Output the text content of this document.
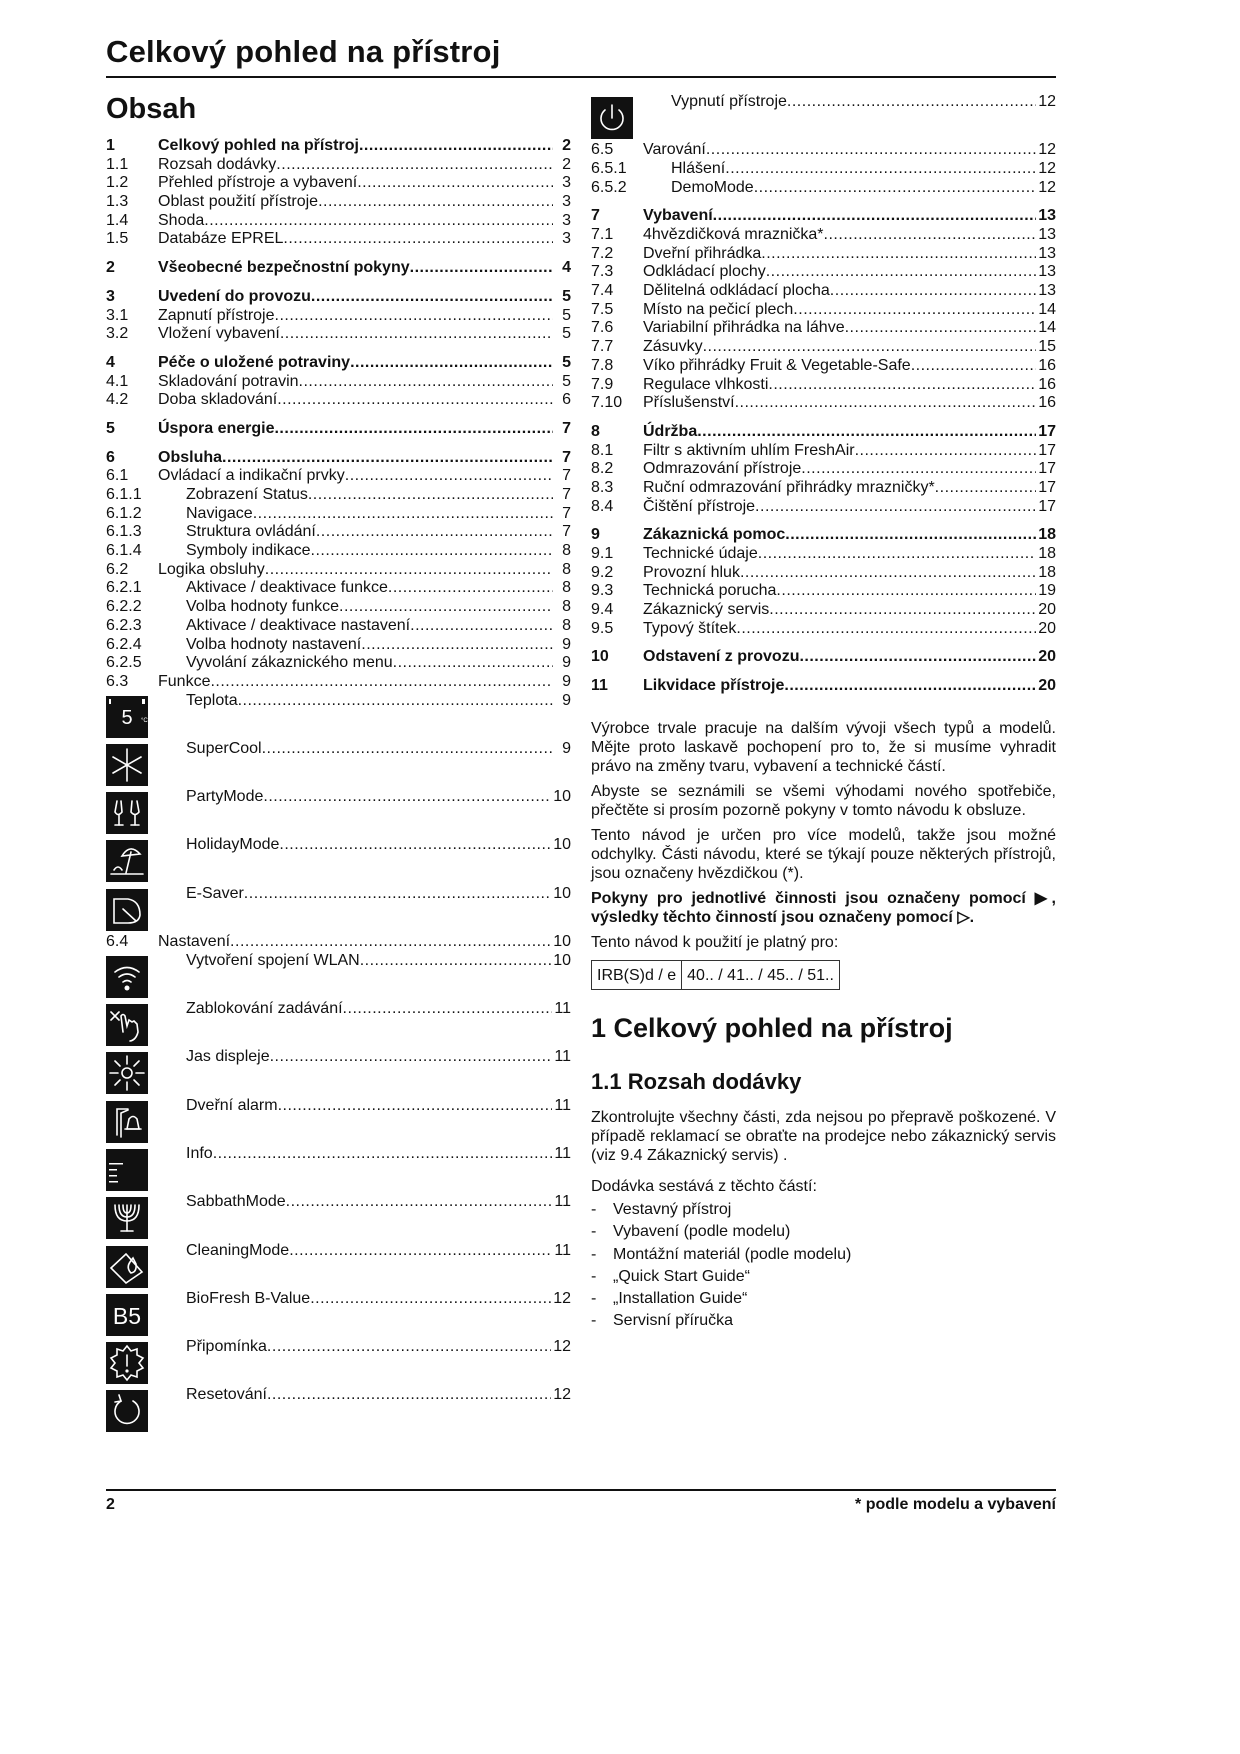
Celkový pohled na přístroj
Obsah
1	Celkový pohled na přístroj .....	2
1.1	Rozsah dodávky .....	2
1.2	Přehled přístroje a vybavení .....	3
1.3	Oblast použití přístroje .....	3
1.4	Shoda .....	3
1.5	Databáze EPREL .....	3
2	Všeobecné bezpečnostní pokyny .....	4
3	Uvedení do provozu .....	5
3.1	Zapnutí přístroje .....	5
3.2	Vložení vybavení .....	5
4	Péče o uložené potraviny .....	5
4.1	Skladování potravin .....	5
4.2	Doba skladování .....	6
5	Úspora energie .....	7
6	Obsluha .....	7
6.1	Ovládací a indikační prvky .....	7
6.1.1	Zobrazení Status .....	7
6.1.2	Navigace .....	7
6.1.3	Struktura ovládání .....	7
6.1.4	Symboly indikace .....	8
6.2	Logika obsluhy .....	8
6.2.1	Aktivace / deaktivace funkce .....	8
6.2.2	Volba hodnoty funkce .....	8
6.2.3	Aktivace / deaktivace nastavení .....	8
6.2.4	Volba hodnoty nastavení .....	9
6.2.5	Vyvolání zákaznického menu .....	9
6.3	Funkce .....	9
5 °C
Teplota .....	9
SuperCool .....	9
PartyMode .....	10
HolidayMode .....	10
E-Saver .....	10
6.4	Nastavení .....	10
Vytvoření spojení WLAN .....	10
Zablokování zadávání .....	11
Jas displeje .....	11
Dveřní alarm .....	11
Info .....	11
SabbathMode .....	11
CleaningMode .....	11
B5
BioFresh B-Value .....	12
Připomínka .....	12
Resetování .....	12
Vypnutí přístroje .....	12
6.5	Varování .....	12
6.5.1	Hlášení .....	12
6.5.2	DemoMode .....	12
7	Vybavení .....	13
7.1	4hvězdičková mraznička* .....	13
7.2	Dveřní přihrádka .....	13
7.3	Odkládací plochy .....	13
7.4	Dělitelná odkládací plocha .....	13
7.5	Místo na pečicí plech .....	14
7.6	Variabilní přihrádka na láhve .....	14
7.7	Zásuvky .....	15
7.8	Víko přihrádky Fruit & Vegetable-Safe .....	16
7.9	Regulace vlhkosti .....	16
7.10	Příslušenství .....	16
8	Údržba .....	17
8.1	Filtr s aktivním uhlím FreshAir .....	17
8.2	Odmrazování přístroje .....	17
8.3	Ruční odmrazování přihrádky mrazničky* .....	17
8.4	Čištění přístroje .....	17
9	Zákaznická pomoc .....	18
9.1	Technické údaje .....	18
9.2	Provozní hluk .....	18
9.3	Technická porucha .....	19
9.4	Zákaznický servis .....	20
9.5	Typový štítek .....	20
10	Odstavení z provozu .....	20
11	Likvidace přístroje .....	20

Výrobce trvale pracuje na dalším vývoji všech typů a modelů. Mějte proto laskavě pochopení pro to, že si musíme vyhradit právo na změny tvaru, vybavení a technické částí.

Abyste se seznámili se všemi výhodami nového spotřebiče, přečtěte si prosím pozorně pokyny v tomto návodu k obsluze.

Tento návod je určen pro více modelů, takže jsou možné odchylky. Části návodu, které se týkají pouze některých přístrojů, jsou označeny hvězdičkou (*).

Pokyny pro jednotlivé činnosti jsou označeny pomocí ▶, výsledky těchto činností jsou označeny pomocí ▷.

Tento návod k použití je platný pro:

IRB(S)d / e	40.. / 41.. / 45.. / 51..
1 Celkový pohled na přístroj
1.1 Rozsah dodávky

Zkontrolujte všechny části, zda nejsou po přepravě poškozené. V případě reklamací se obraťte na prodejce nebo zákaznický servis (viz 9.4 Zákaznický servis) .

Dodávka sestává z těchto částí:

- Vestavný přístroj
- Vybavení (podle modelu)
- Montážní materiál (podle modelu)
- „Quick Start Guide“
- „Installation Guide“
- Servisní příručka
2	* podle modelu a vybavení
